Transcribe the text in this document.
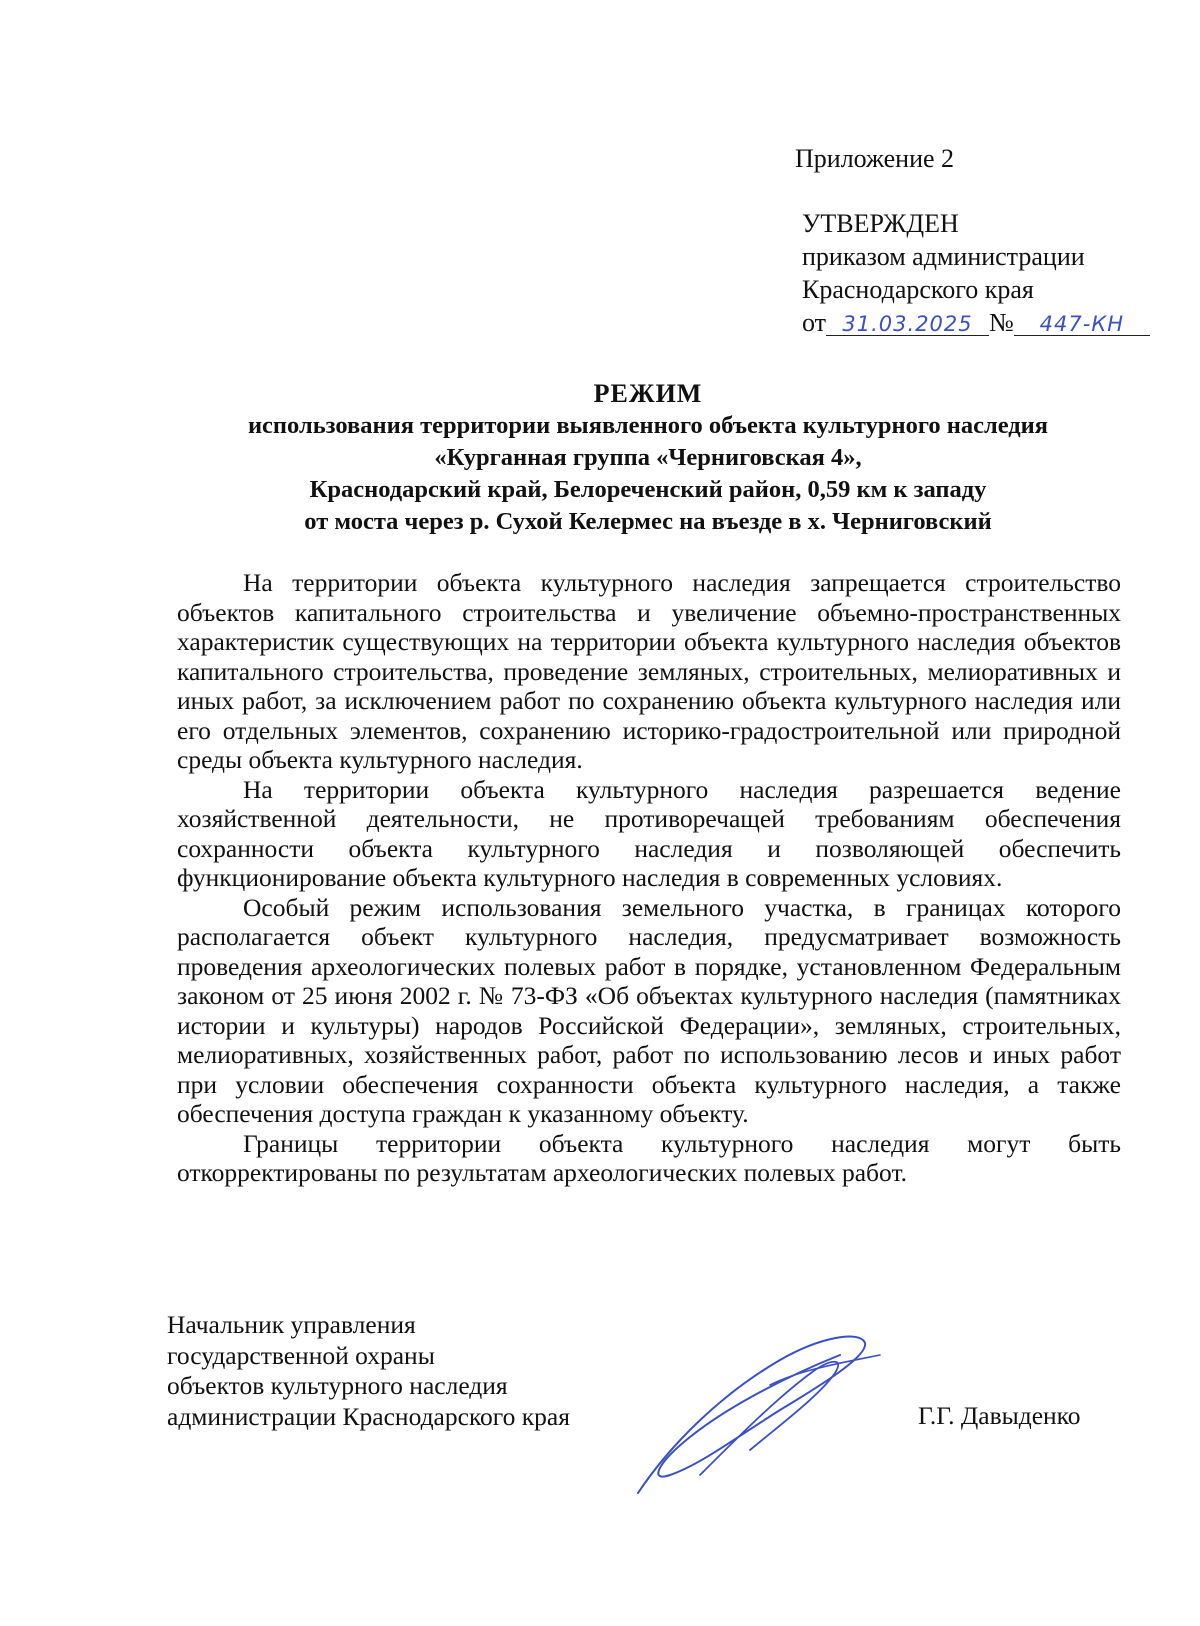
Приложение 2
УТВЕРЖДЕН
приказом администрации
Краснодарского края
от 31.03.2025 №	447-КН
РЕЖИМ
использования территории выявленного объекта культурного наследия
«Курганная группа «Черниговская 4»,
Краснодарский край, Белореченский район, 0,59 км к западу
от моста через р. Сухой Келермес на въезде в х. Черниговский

На территории объекта культурного наследия запрещается строительство объектов капитального строительства и увеличение объемно-пространственных характеристик существующих на территории объекта культурного наследия объектов капитального строительства, проведение земляных, строительных, мелиоративных и иных работ, за исключением работ по сохранению объекта культурного наследия или его отдельных элементов, сохранению историко-градостроительной или природной среды объекта культурного наследия.

На территории объекта культурного наследия разрешается ведение хозяйственной деятельности, не противоречащей требованиям обеспечения сохранности объекта культурного наследия и позволяющей обеспечить функционирование объекта культурного наследия в современных условиях.

Особый режим использования земельного участка, в границах которого располагается объект культурного наследия, предусматривает возможность проведения археологических полевых работ в порядке, установленном Федеральным законом от 25 июня 2002 г. № 73-ФЗ «Об объектах культурного наследия (памятниках истории и культуры) народов Российской Федерации», земляных, строительных, мелиоративных, хозяйственных работ, работ по использованию лесов и иных работ при условии обеспечения сохранности объекта культурного наследия, а также обеспечения доступа граждан к указанному объекту.

Границы территории объекта культурного наследия могут быть откорректированы по результатам археологических полевых работ.

Начальник управления
государственной охраны
объектов культурного наследия
администрации Краснодарского края	Г.Г. Давыденко
